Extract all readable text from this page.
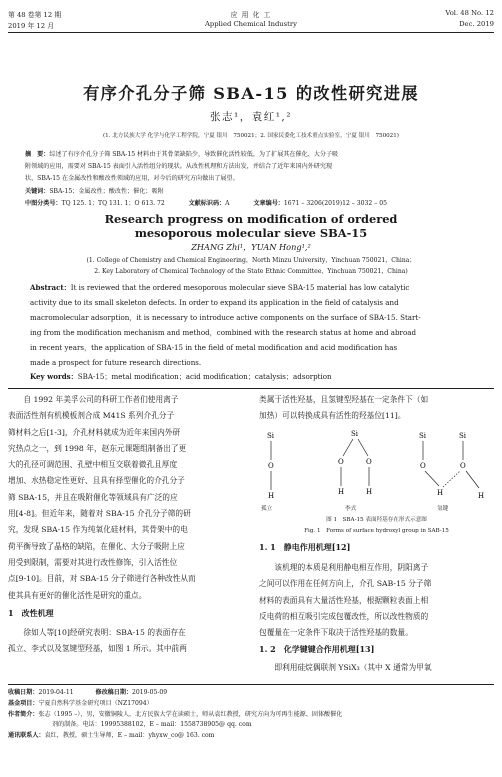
第 48 卷第 12 期
2019 年 12 月
应 用 化 工
Applied Chemical Industry
Vol. 48 No. 12
Dec. 2019
有序介孔分子筛 SBA-15 的改性研究进展
张志¹，袁红¹,²
(1. 北方民族大学 化学与化学工程学院，宁夏 银川　750021；2. 国家民委化工技术重点实验室，宁夏 银川　750021)
摘　要：综述了有序介孔分子筛 SBA-15 材料由于其骨架缺陷少，导致催化活性较低，为了扩展其在催化、大分子吸
附领域的应用，需要对 SBA-15 表面引入活性组分的现状。从改性机理和方法出发，并结合了近年来国内外研究现
状，SBA-15 在金属改性和酸改性领域的应用，对今后的研究方向做出了展望。
关键词：SBA-15；金属改性；酸改性；催化；吸附
中图分类号：TQ 125. 1；TQ 131. 1；O 613. 72	文献标识码：A	文章编号：1671 – 3206(2019)12 – 3032 – 05
Research progress on modification of ordered
mesoporous molecular sieve SBA-15
ZHANG Zhi¹，YUAN Hong¹,²
(1. College of Chemistry and Chemical Engineering，North Minzu University，Yinchuan 750021，China；
2. Key Laboratory of Chemical Technology of the State Ethnic Committee，Yinchuan 750021，China)
Abstract：It is reviewed that the ordered mesoporous molecular sieve SBA-15 material has low catalytic
activity due to its small skeleton defects. In order to expand its application in the field of catalysis and
macromolecular adsorption，it is necessary to introduce active components on the surface of SBA-15. Start-
ing from the modification mechanism and method，combined with the research status at home and abroad
in recent years，the application of SBA-15 in the field of metal modification and acid modification has
made a prospect for future research directions.
Key words：SBA-15；metal modification；acid modification；catalysis；adsorption
　　自 1992 年美孚公司的科研工作者们使用离子
表面活性剂有机模板剂合成 M41S 系列介孔分子
筛材料之后[1-3]，介孔材料就成为近年来国内外研
究热点之一，到 1998 年，赵东元课题组制备出了更
大的孔径可调范围、孔壁中相互交联着微孔且厚度
增加、水热稳定性更好、且具有择型催化的介孔分子
筛 SBA-15，并且在吸附催化等领域具有广泛的应
用[4-8]。但近年来，随着对 SBA-15 介孔分子筛的研
究，发现 SBA-15 作为纯氧化硅材料，其骨架中的电
荷平衡导致了晶格的缺陷，在催化、大分子吸附上应
用受到限制，需要对其进行改性修饰，引入活性位
点[9-10]。目前，对 SBA-15 分子筛进行各种改性从而
使其具有更好的催化活性是研究的重点。
1　改性机理
　　徐如人等[10]经研究表明：SBA-15 的表面存在
孤立、李式以及氢键型羟基，如图 1 所示。其中前两
类属于活性羟基，且氢键型羟基在一定条件下（如
加热）可以转换成具有活性的羟基位[11]。
Si
O
H
Si
O	O
H	H
Si	Si
O	O
H	H
孤立	李式	氢键
图 1　SBA-15 表面羟基存在形式示意图
Fig. 1　Forms of surface hydroxyl group in SAB-15
1. 1　静电作用机理[12]
　　该机理的本质是利用静电相互作用，阴阳离子
之间可以作用在任何方向上，介孔 SAB-15 分子筛
材料的表面具有大量活性羟基，根据颗粒表面上相
反电荷的相互吸引完成包覆改性，所以改性物质的
包覆量在一定条件下取决于活性羟基的数量。
1. 2　化学键键合作用机理[13]
　　即利用硅烷偶联剂 YSiX₃（其中 X 通常为甲氧
收稿日期：2019-04-11	修改稿日期：2019-05-09
基金项目：宁夏自然科学基金研究项目（NZ17094）
作者简介：张志（1995 –），男，安徽铜陵人，北方民族大学在读硕士，师从袁红教授，研究方向为可再生能源、固体酸催化
剂的制备。电话：19995388102，E – mail：1558738905@ qq. com
通讯联系人：袁红，教授，硕士生导师，E – mail：yhyxw_co@ 163. com
